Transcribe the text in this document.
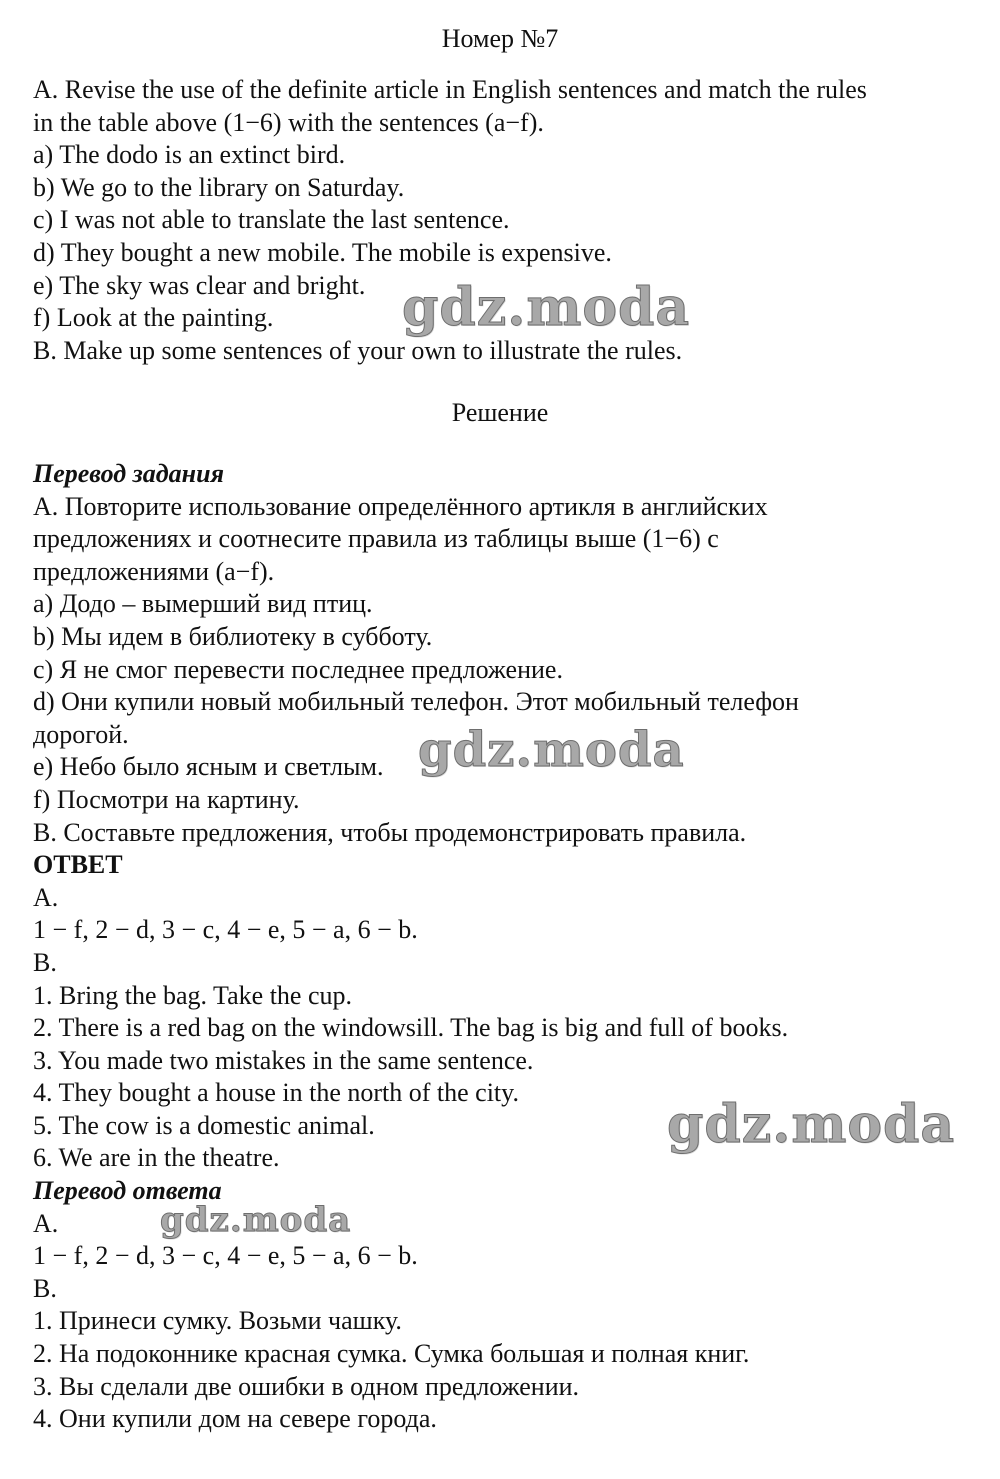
Номер №7
A. Revise the use of the definite article in English sentences and match the rules
in the table above (1−6) with the sentences (a−f).
a) The dodo is an extinct bird.
b) We go to the library on Saturday.
c) I was not able to translate the last sentence.
d) They bought a new mobile. The mobile is expensive.
e) The sky was clear and bright.
f) Look at the painting.
B. Make up some sentences of your own to illustrate the rules.
Решение
Перевод задания
A. Повторите использование определённого артикля в английских
предложениях и соотнесите правила из таблицы выше (1−6) с
предложениями (a−f).
a) Додо – вымерший вид птиц.
b) Мы идем в библиотеку в субботу.
c) Я не смог перевести последнее предложение.
d) Они купили новый мобильный телефон. Этот мобильный телефон
дорогой.
e) Небо было ясным и светлым.
f) Посмотри на картину.
B. Составьте предложения, чтобы продемонстрировать правила.
ОТВЕТ
A.
1 − f, 2 − d, 3 − c, 4 − e, 5 − a, 6 − b.
B.
1. Bring the bag. Take the cup.
2. There is a red bag on the windowsill. The bag is big and full of books.
3. You made two mistakes in the same sentence.
4. They bought a house in the north of the city.
5. The cow is a domestic animal.
6. We are in the theatre.
Перевод ответа
A.
1 − f, 2 − d, 3 − c, 4 − e, 5 − a, 6 − b.
B.
1. Принеси сумку. Возьми чашку.
2. На подоконнике красная сумка. Сумка большая и полная книг.
3. Вы сделали две ошибки в одном предложении.
4. Они купили дом на севере города.
gdz.moda
gdz.moda
gdz.moda
gdz.moda
